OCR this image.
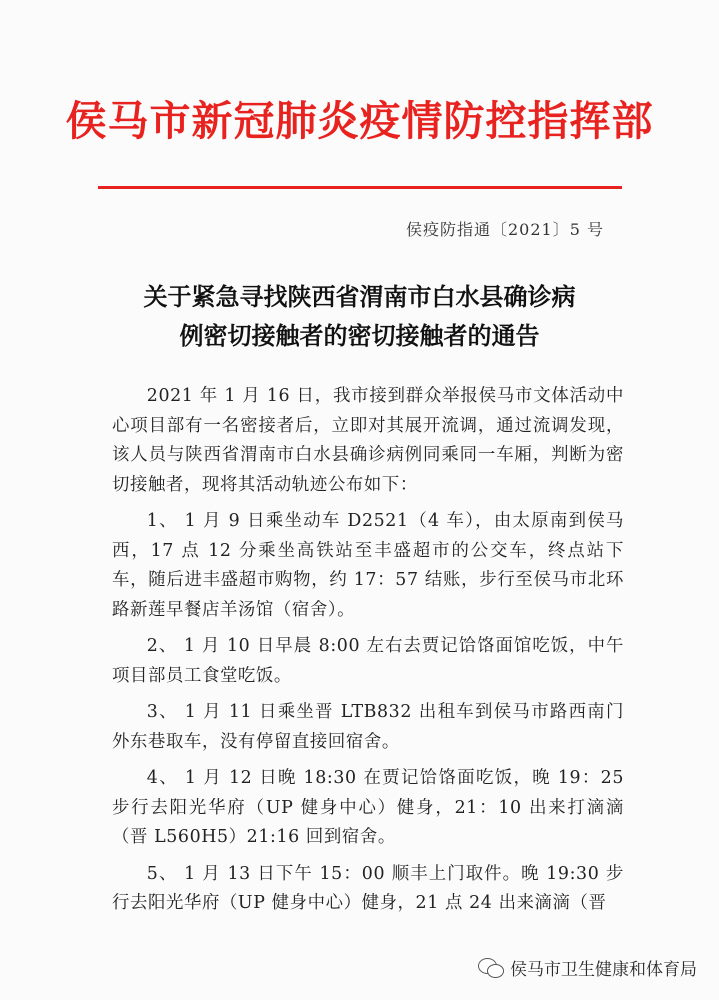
侯马市新冠肺炎疫情防控指挥部
侯疫防指通〔2021〕5 号
关于紧急寻找陕西省渭南市白水县确诊病
例密切接触者的密切接触者的通告

2021 年 1 月 16 日，我市接到群众举报侯马市文体活动中心项目部有一名密接者后，立即对其展开流调，通过流调发现，该人员与陕西省渭南市白水县确诊病例同乘同一车厢，判断为密切接触者，现将其活动轨迹公布如下：

1、 1 月 9 日乘坐动车 D2521（4 车），由太原南到侯马西，17 点 12 分乘坐高铁站至丰盛超市的公交车，终点站下车，随后进丰盛超市购物，约 17：57 结账，步行至侯马市北环路新莲早餐店羊汤馆（宿舍）。

2、 1 月 10 日早晨 8:00 左右去贾记饸饹面馆吃饭，中午项目部员工食堂吃饭。

3、 1 月 11 日乘坐晋 LTB832 出租车到侯马市路西南门外东巷取车，没有停留直接回宿舍。

4、 1 月 12 日晚 18:30 在贾记饸饹面吃饭，晚 19：25 步行去阳光华府（UP 健身中心）健身，21：10 出来打滴滴（晋 L560H5）21:16 回到宿舍。

5、 1 月 13 日下午 15：00 顺丰上门取件。晚 19:30 步行去阳光华府（UP 健身中心）健身，21 点 24 出来滴滴（晋

侯马市卫生健康和体育局
